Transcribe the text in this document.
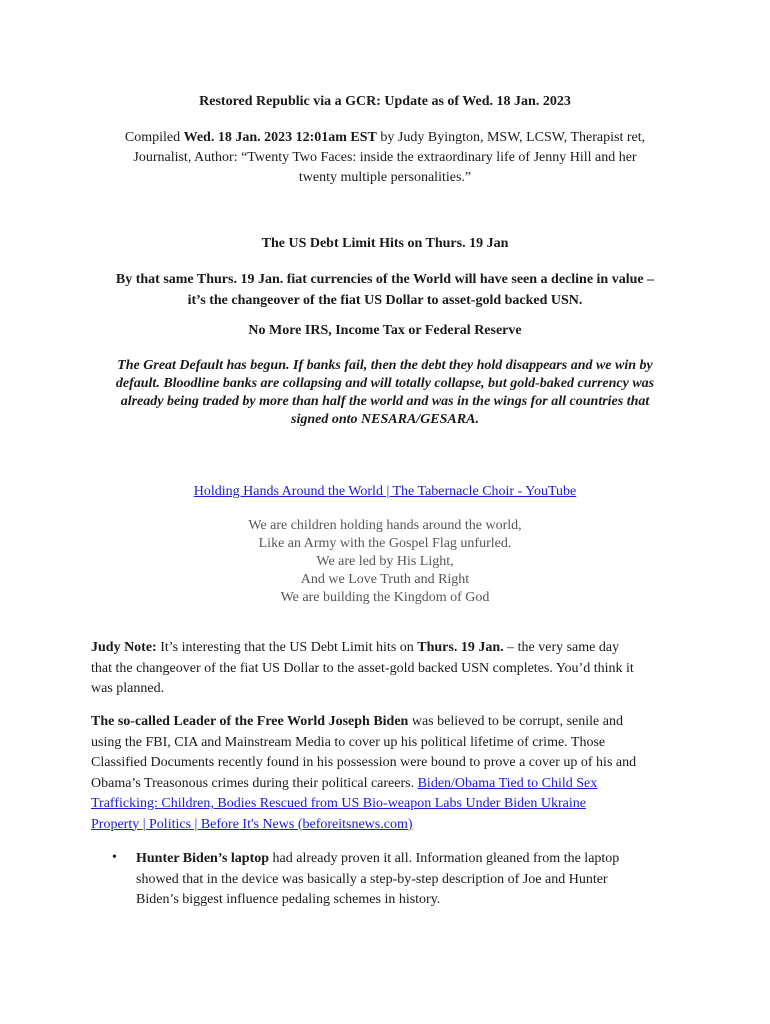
Restored Republic via a GCR: Update as of Wed. 18 Jan. 2023

Compiled Wed. 18 Jan. 2023 12:01am EST by Judy Byington, MSW, LCSW, Therapist ret,
Journalist, Author: “Twenty Two Faces: inside the extraordinary life of Jenny Hill and her
twenty multiple personalities.”

The US Debt Limit Hits on Thurs. 19 Jan

By that same Thurs. 19 Jan. fiat currencies of the World will have seen a decline in value –
it’s the changeover of the fiat US Dollar to asset-gold backed USN.

No More IRS, Income Tax or Federal Reserve

The Great Default has begun. If banks fail, then the debt they hold disappears and we win by
default. Bloodline banks are collapsing and will totally collapse, but gold-baked currency was
already being traded by more than half the world and was in the wings for all countries that
signed onto NESARA/GESARA.

Holding Hands Around the World | The Tabernacle Choir - YouTube

We are children holding hands around the world,
Like an Army with the Gospel Flag unfurled.
We are led by His Light,
And we Love Truth and Right
We are building the Kingdom of God
Judy Note: It’s interesting that the US Debt Limit hits on Thurs. 19 Jan. – the very same day
that the changeover of the fiat US Dollar to the asset-gold backed USN completes. You’d think it
was planned.
The so-called Leader of the Free World Joseph Biden was believed to be corrupt, senile and
using the FBI, CIA and Mainstream Media to cover up his political lifetime of crime. Those
Classified Documents recently found in his possession were bound to prove a cover up of his and
Obama’s Treasonous crimes during their political careers. Biden/Obama Tied to Child Sex
Trafficking: Children, Bodies Rescued from US Bio-weapon Labs Under Biden Ukraine
Property | Politics | Before It's News (beforeitsnews.com)
• Hunter Biden’s laptop had already proven it all. Information gleaned from the laptop
showed that in the device was basically a step-by-step description of Joe and Hunter
Biden’s biggest influence pedaling schemes in history.
